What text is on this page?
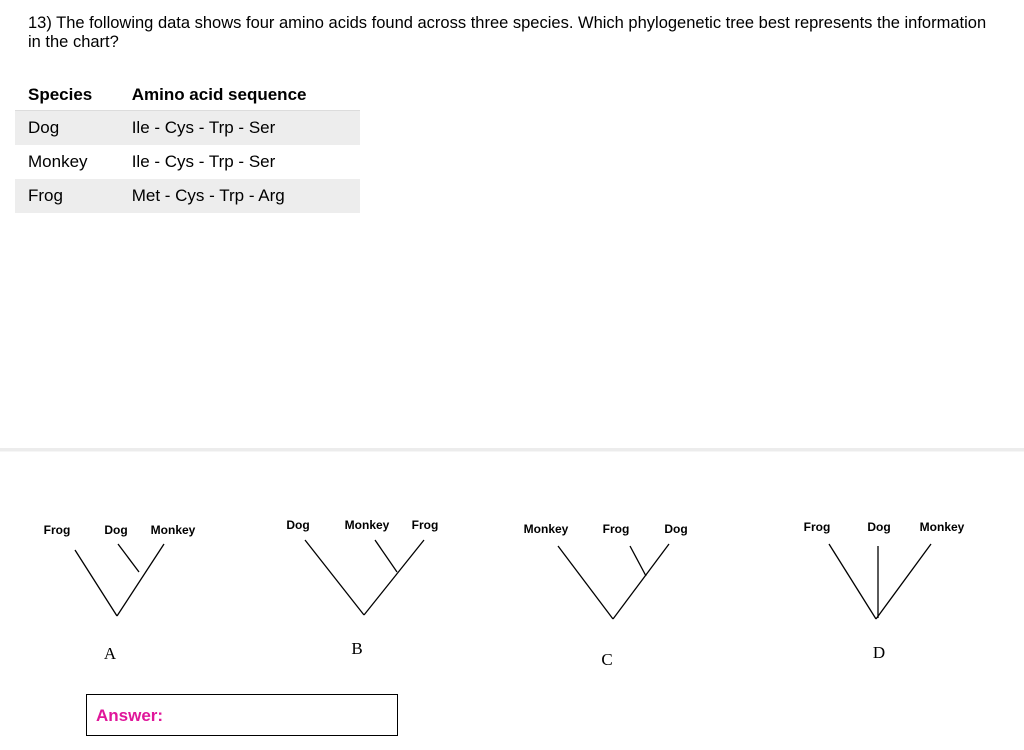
13) The following data shows four amino acids found across three species. Which phylogenetic tree best represents the information in the chart?

Species	Amino acid sequence
Dog	Ile - Cys - Trp - Ser
Monkey	Ile - Cys - Trp - Ser
Frog	Met - Cys - Trp - Arg
Frog	Dog Monkey
A
Dog	Monkey Frog
B
Monkey	Frog	Dog
C
Frog	Dog Monkey
D
Answer:
